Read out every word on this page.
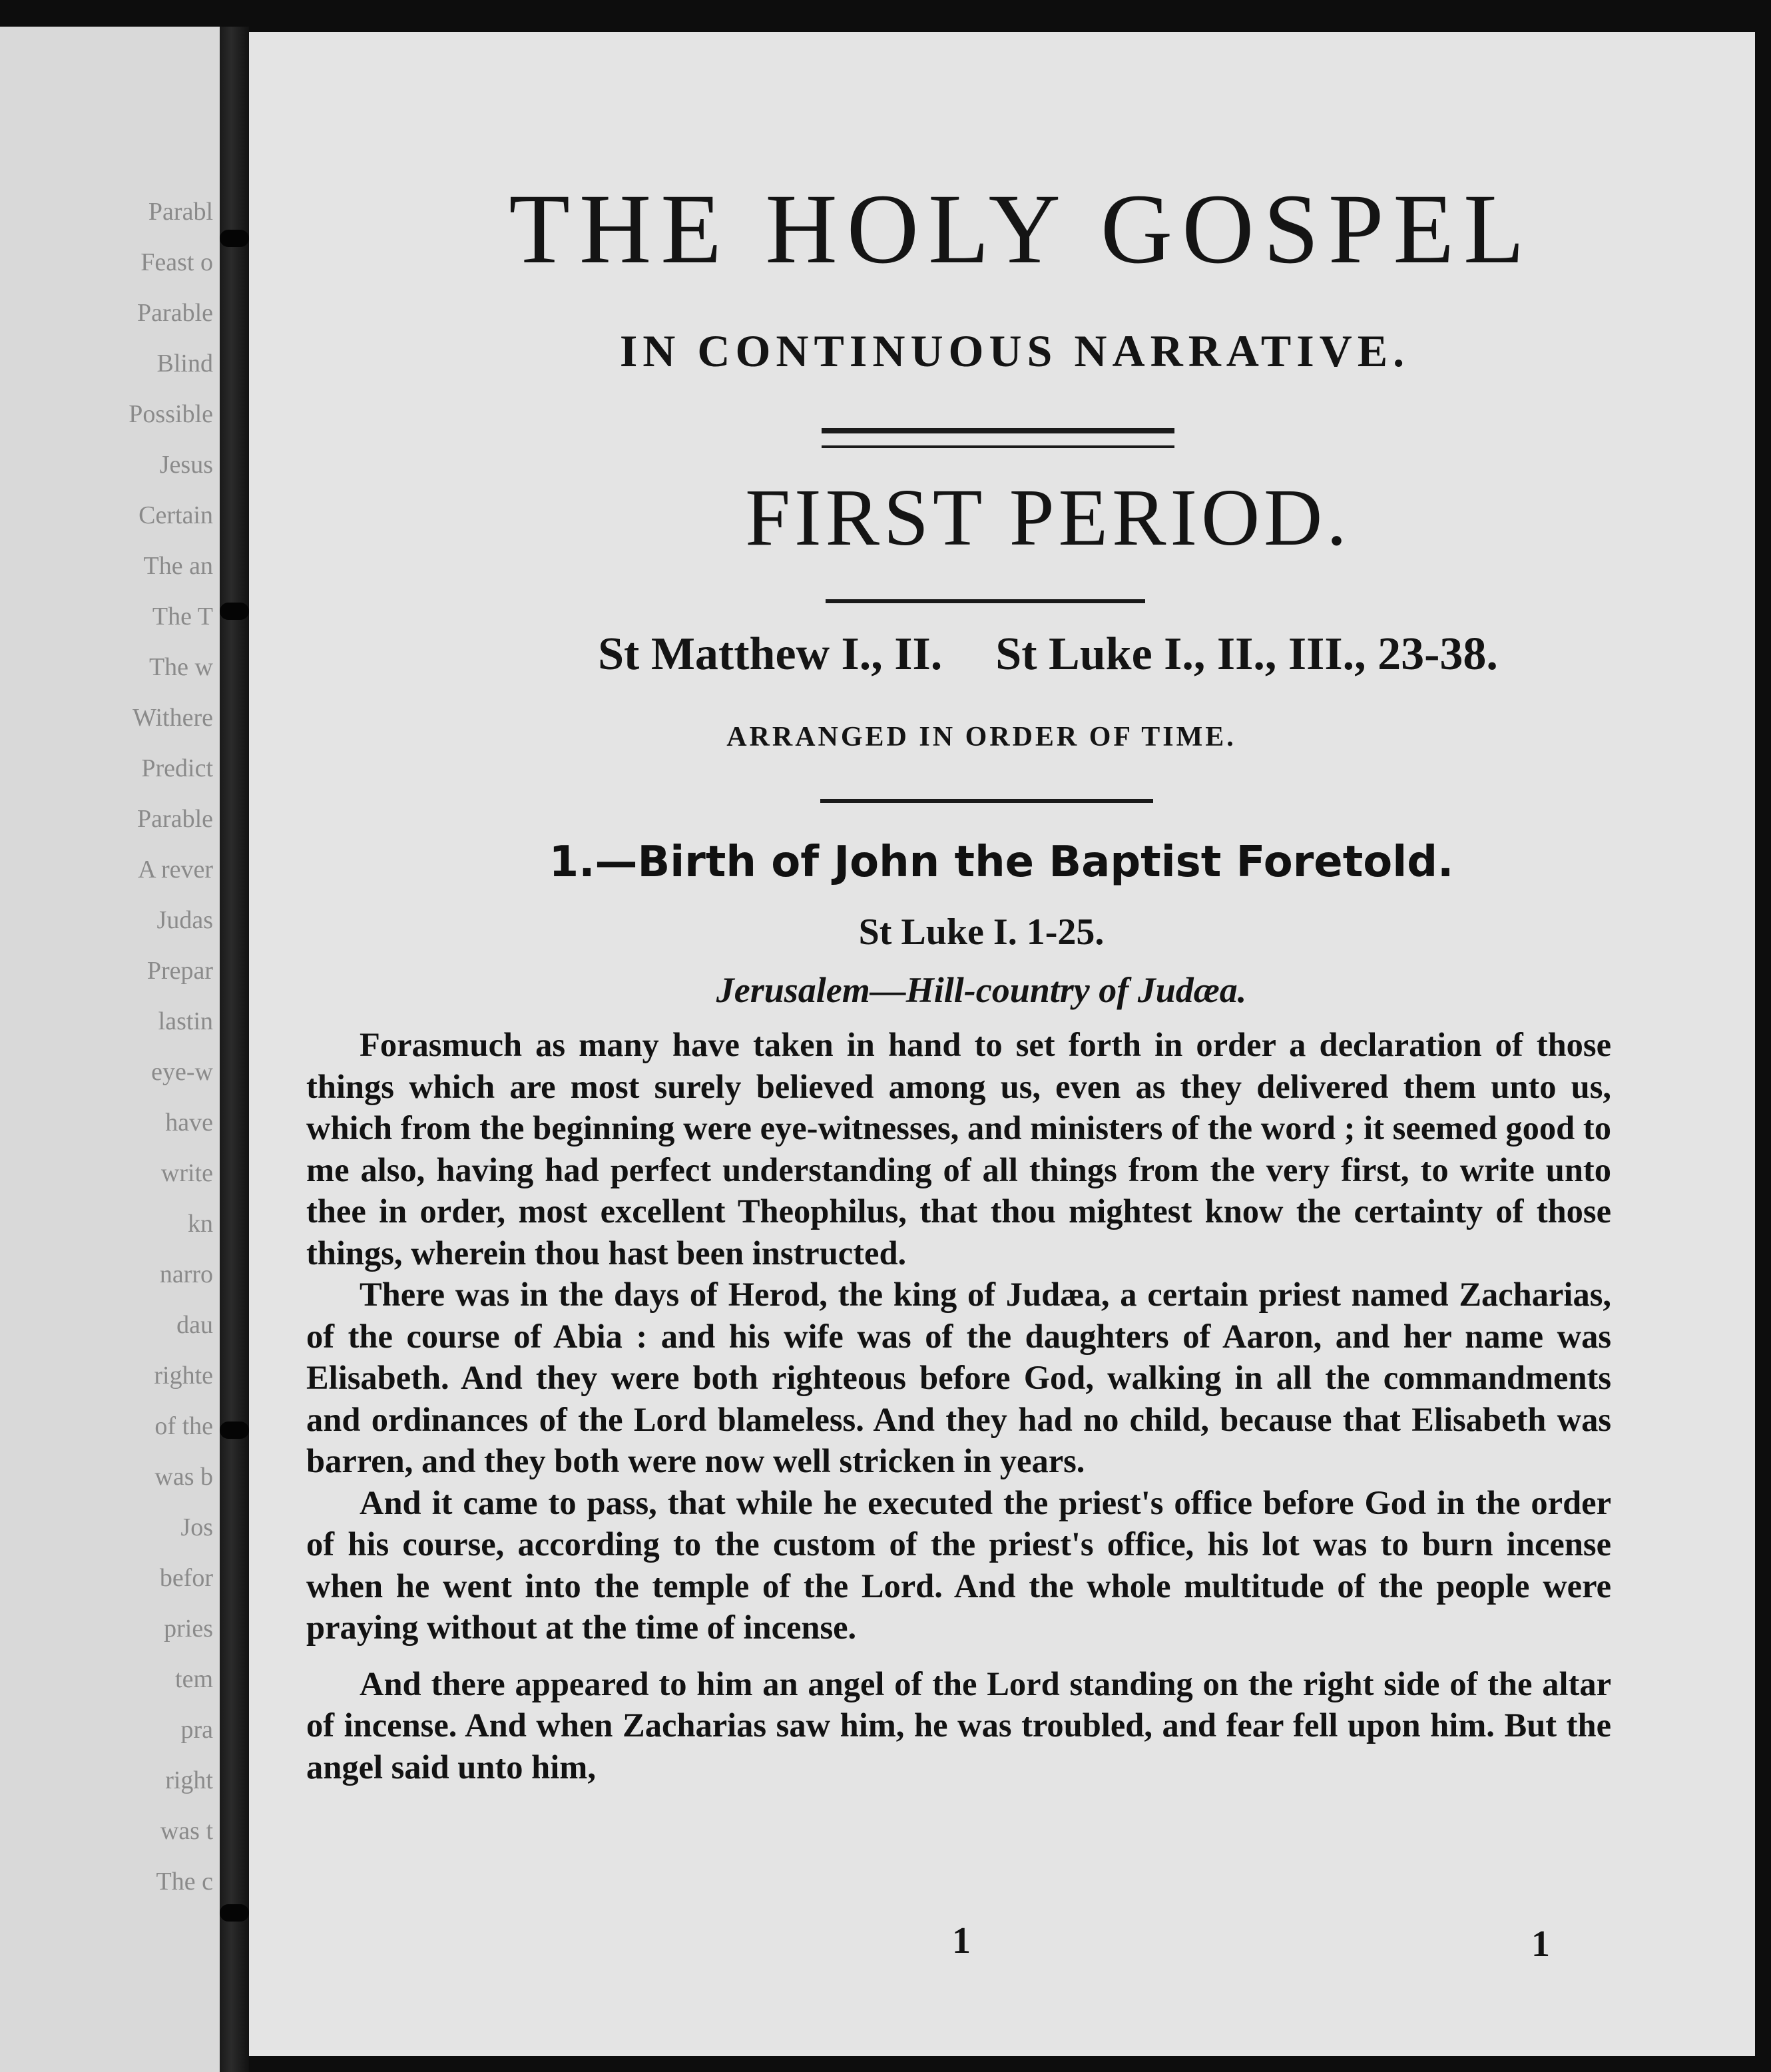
Parabl
Feast o
Parable
Blind
Possible
Jesus
Certain
The an
The T
The w
Withere
Predict
Parable
A rever
Judas
Prepar
lastin
eye-w
have
write
kn
narro
dau
righte
of the
was b
Jos
befor
pries
tem
pra
right
was t
The c
THE HOLY GOSPEL
IN CONTINUOUS NARRATIVE.
FIRST PERIOD.
St Matthew I., II. St Luke I., II., III., 23-38.
ARRANGED IN ORDER OF TIME.
1.—Birth of John the Baptist Foretold.
St Luke I. 1-25.
Jerusalem—Hill-country of Judæa.

Forasmuch as many have taken in hand to set forth in order a declaration of those things which are most surely believed among us, even as they delivered them unto us, which from the beginning were eye-witnesses, and ministers of the word ; it seemed good to me also, having had perfect understanding of all things from the very first, to write unto thee in order, most excellent Theophilus, that thou mightest know the certainty of those things, wherein thou hast been instructed.

There was in the days of Herod, the king of Judæa, a certain priest named Zacharias, of the course of Abia : and his wife was of the daughters of Aaron, and her name was Elisabeth. And they were both righteous before God, walking in all the commandments and ordinances of the Lord blameless. And they had no child, because that Elisabeth was barren, and they both were now well stricken in years.

And it came to pass, that while he executed the priest's office before God in the order of his course, according to the custom of the priest's office, his lot was to burn incense when he went into the temple of the Lord. And the whole multitude of the people were praying without at the time of incense.

And there appeared to him an angel of the Lord standing on the right side of the altar of incense. And when Zacharias saw him, he was troubled, and fear fell upon him. But the angel said unto him,

1	1
